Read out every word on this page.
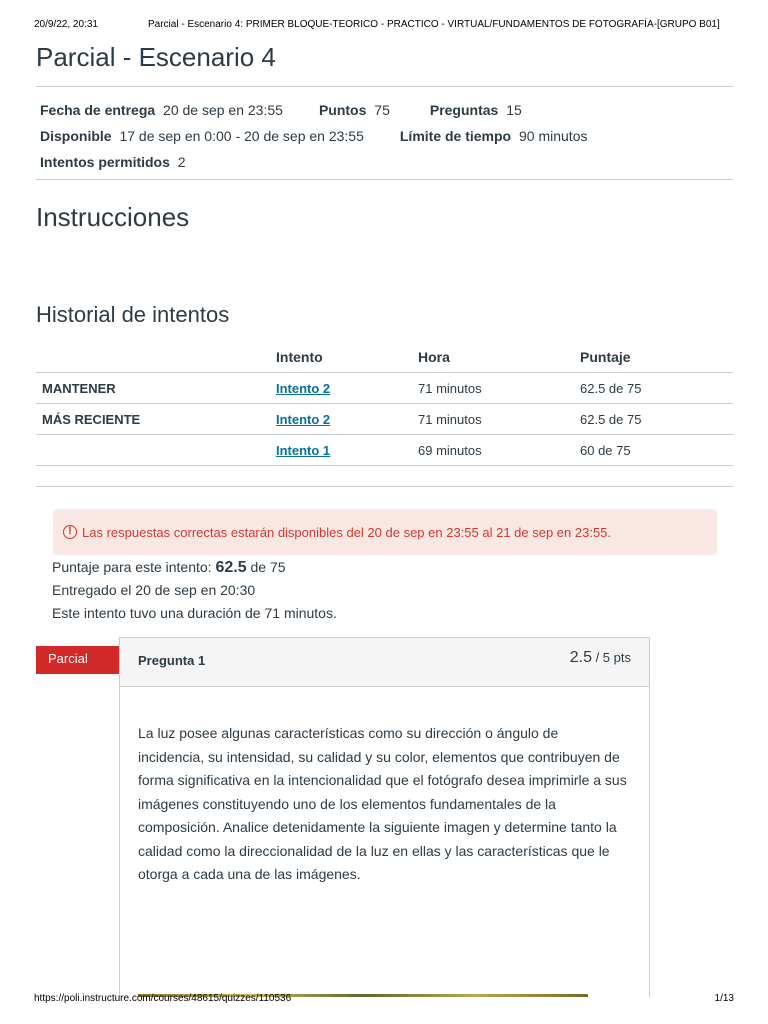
20/9/22, 20:31	Parcial - Escenario 4: PRIMER BLOQUE-TEORICO - PRACTICO - VIRTUAL/FUNDAMENTOS DE FOTOGRAFÍA-[GRUPO B01]
Parcial - Escenario 4
Fecha de entrega 20 de sep en 23:55	Puntos 75	Preguntas 15
Disponible 17 de sep en 0:00 - 20 de sep en 23:55	Límite de tiempo 90 minutos
Intentos permitidos 2
Instrucciones
Historial de intentos
	Intento	Hora	Puntaje
MANTENER	Intento 2	71 minutos	62.5 de 75
MÁS RECIENTE	Intento 2	71 minutos	62.5 de 75
	Intento 1	69 minutos	60 de 75
! Las respuestas correctas estarán disponibles del 20 de sep en 23:55 al 21 de sep en 23:55.
Puntaje para este intento: 62.5 de 75
Entregado el 20 de sep en 20:30
Este intento tuvo una duración de 71 minutos.
Parcial	Pregunta 1	2.5 / 5 pts
La luz posee algunas características como su dirección o ángulo de incidencia, su intensidad, su calidad y su color, elementos que contribuyen de forma significativa en la intencionalidad que el fotógrafo desea imprimirle a sus imágenes constituyendo uno de los elementos fundamentales de la composición. Analice detenidamente la siguiente imagen y determine tanto la calidad como la direccionalidad de la luz en ellas y las características que le otorga a cada una de las imágenes.
https://poli.instructure.com/courses/48615/quizzes/110536	1/13
